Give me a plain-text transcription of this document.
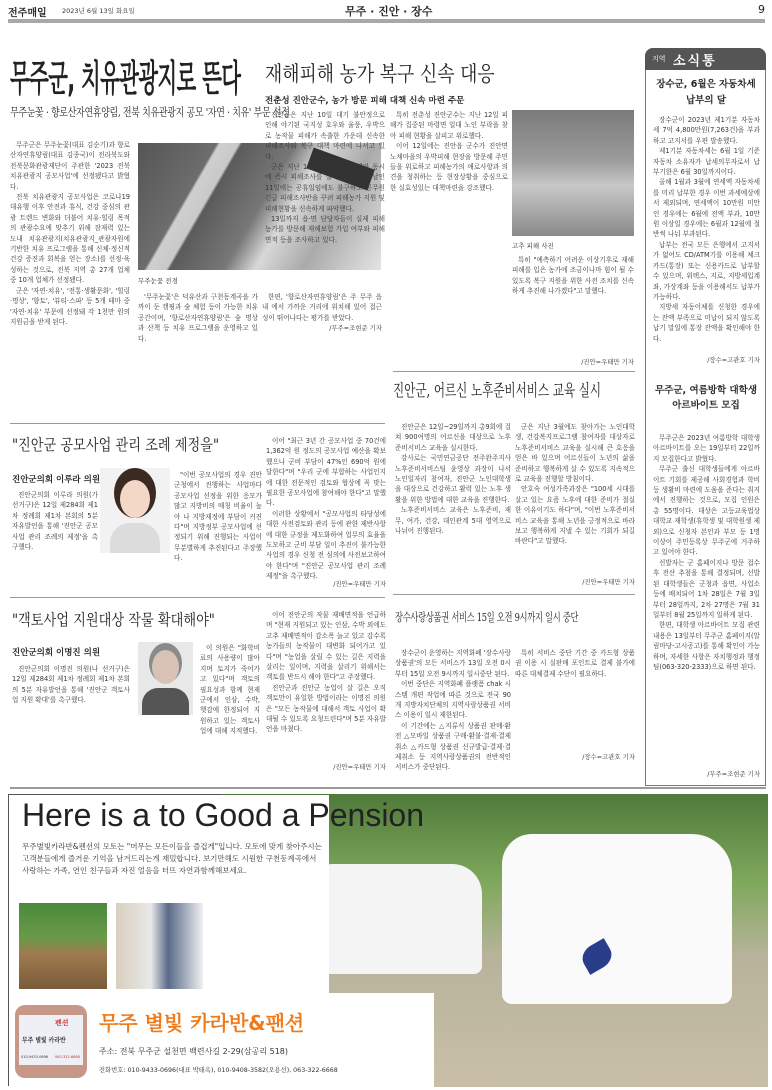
전주매일 2023년 6월 13일 화요일	무주 · 진안 · 장수	9
무주군, 치유관광지로 뜬다
무주눈꽃 · 향로산자연휴양림, 전북 치유관광지 공모 '자연 · 치유' 부문 선정

무주군은 무주눈꽃(대표 김순기)과 향로산자연휴양림(대표 김종국)이 전라북도와 전북문화관광재단이 주관한 '2023 전북 치유관광지 공모사업'에 선정됐다고 밝혔다.

전북 치유관광지 공모사업은 코로나19 대유행 이후 안전과 휴식, 건강 중심의 관광 트렌드 변화와 더불어 치유·힐링 목적의 관광수요에 맞추기 위해 잠재력 있는 도내 치유관광지(치유관광지_관광자원에 기반한 치유 프로그램을 통해 신체·정신적 건강 증진과 회복을 얻는 장소)를 선정·육성하는 것으로, 전북 지역 총 27개 업체 중 10개 업체가 선정됐다.

군은 '자연·치유', '전통·생활문화', '힐링·명상', '향토', '뷰티·스파' 등 5개 테마 중 '자연·치유' 부문에 선정돼 각 1천만 원의 지원금을 받게 된다.

무주눈꽃 전경

'무주눈꽃'은 덕유산과 구천동계곡을 가까이 둔 캠핑과 숲 체험 등이 가능한 치유 공간이며, '향로산자연휴양림'은 숲 명상과 산책 등 치유 프로그램을 운영하고 있다.

한편, '향로산자연휴양림'은 주 무주 읍내 에서 가까운 거리에 위치해 있어 접근성이 뛰어나다는 평가를 받았다.

/무주=조현준 기자
재해피해 농가 복구 신속 대응
전춘성 진안군수, 농가 방문 피해 대책 신속 마련 주문

진안군은 지난 10일 대기 불안정으로 인해 야기된 국지성 호우와 울풍, 우박으로 농작물 피해가 속출한 가운데 신속한 피해조사와 복구 대책 마련에 나서고 있다.

군은 지난 10일 재난피해 발생과 동시에 즉시 피해조사를 실시하고, 다음 날인 11일에는 공휴일임에도 불구하고 공무원 긴급 피해조사반을 꾸려 피해농가 지원 및 피해현황을 신속하게 파악했다.

13일까지 읍·면 담당자들이 실제 피해 농가를 방문해 재해보험 가입 여부와 피해 면적 등을 조사하고 있다.

특히 전춘성 진안군수는 지난 12일 피해가 집중된 마령면 일대 노인 부락을 찾아 피해 현황을 살피고 위로했다.

이어 12일에는 진안읍 군수가 진안면 노채마을의 우박피해 현장을 방문해 주민들을 위로하고 피해농가의 애로사항과 의견을 청취하는 등 현장상황을 중심으로 한 실효성있는 대책마련을 강조했다.

고추 피해 사진

특히 "예측하기 어려운 이상기후로 재해피해를 입은 농가에 조금이나마 힘이 될 수 있도록 복구 지원을 위한 사전 조치를 신속하게 추진해 나가겠다"고 말했다.

/진안=우태만 기자
진안군, 어르신 노후준비서비스 교육 실시

진안군은 12일~29일까지 총9회에 걸쳐 900여명의 어르신을 대상으로 노후준비서비스 교육을 실시한다.

강사로는 국민연금공단 전주완주지사 노후준비서비스팀 윤영상 과장이 나서 노인일자리 참여자, 진안군 노인대학생을 대상으로 건강하고 활력 있는 노후 생활을 위한 방법에 대한 교육을 진행한다.

노후준비서비스 교육은 노후준비, 재무, 여가, 건강, 대인관계 5대 영역으로 나뉘어 진행된다.

군은 지난 3월에도 찾아가는 노인대학생, 건강복지프로그램 참여자를 대상자로 노후준비서비스 교육을 실시해 큰 호응을 얻은 바 있으며 어르신들이 노년의 삶을 준비하고 행복하게 살 수 있도록 지속적으로 교육을 진행할 방침이다.

안호숙 여성가족과장은 "100세 시대를 살고 있는 요즘 노후에 대한 준비가 절실한 이유이기도 하다"며, "이번 노후준비서비스 교육을 통해 노년을 긍정적으로 바라보고 행복하게 지낼 수 있는 기회가 되길 바란다"고 말했다.

/진안=우태만 기자
장수사랑상품권 서비스 15일 오전 9시까지 일시 중단

장수군이 운영하는 지역화폐 '장수사랑상품권'의 모든 서비스가 13일 오전 0시부터 15일 오전 9시까지 일시중단 된다.

이번 중단은 지역화폐 플랫폼 chak 시스템 개편 작업에 따른 것으로 전국 90개 지방자치단체의 지역사랑상품권 서비스 이용이 일시 제한된다.

이 기간에는 △지류식 상품권 판매·환전 △모바일 상품권 구매·환불·결제·결제취소 △카드형 상품권 신규발급·결제·결제취소 등 지역사랑상품권의 전반적인 서비스가 중단된다.

특히 서비스 중단 기간 중 카드형 상품권 이용 시 실판매 포인트로 결제 불가에 따른 대체결제 수단이 필요하다.

/장수=고관호 기자
"진안군 공모사업 관리 조례 제정을"
진안군의회 이루라 의원

진안군의회 이루라 의원(가 선거구)은 12일 제284회 제1차 정례회 제1차 본회의 5분 자유발언을 통해 '진안군 공모사업 관리 조례의 제정'을 촉구했다.

"이번 공모사업의 경우 진안군청에서 진행하는 사업마다 공모사업 선정을 위한 응모가 많고 지방비의 매칭 비율이 높아 나 지방재정에 부담이 커진다"며 지방정부 공모사업에 선정되기 위해 진행되는 사업이 무분별하게 추진된다고 주장했다.

이어 "최근 3년 간 공모사업 중 70건에 1,362억 원 정도의 공모사업 예산을 확보했으나 군비 부담이 47%인 690억 원에 달한다"며 "우리 군에 부합하는 사업인지에 대한 전문적인 검토와 협상에 꼭 맞는 필요한 공모사업에 참여해야 한다"고 말했다.

이러한 상황에서 "공모사업의 타당성에 대한 사전검토와 관리 등에 관한 제반사항에 대한 규정을 제도화하여 업무의 효율을 도모하고 군비 부담 일이 추진이 불가능한 사업의 경우 신청 전 심의에 사전보고하여야 한다"며 "진안군 공모사업 관리 조례 제정"을 촉구했다.

/진안=우태만 기자
"객토사업 지원대상 작물 확대해야"
진안군의회 이명진 의원

진안군의회 이명진 의원(나 선거구)은 12일 제284회 제1차 정례회 제1차 본회의 5분 자유발언을 통해 '진안군 객토사업 지원 확대'를 촉구했다.

이 의원은 "화학비료의 사용량이 많아지며 토지가 죽어가고 있다"며 객토의 필요성과 함께 현재 군에서 인삼, 수박, 햇감에 한정되어 지원하고 있는 객토사업에 대해 지적했다.

이어 진안군의 작물 재배면적을 언급하며 "현재 지원되고 있는 인삼, 수박 외에도 고추 재배면적이 감소폭 늘고 있고 감수록 농가들의 농작물이 대변화 되어가고 있다"며 "농업을 살릴 수 있는 길은 지력을 살리는 일이며, 지력을 살리기 위해서는 객토를 반드시 해야 한다"고 주장했다.

진안군과 진안군 농업이 살 길은 오직 객토만이 유일한 방법이라는 이명진 의원은 "모든 농작물에 대해서 객토 사업이 확대될 수 있도록 요청드린다"며 5분 자유발언을 마쳤다.

/진안=우태만 기자
지역 소식통
장수군, 6월은 자동차세 납부의 달

장수군이 2023년 제1기분 자동차세 7억 4,800만원(7,263건)을 부과하고 고지서를 우편 발송했다.

제1기분 자동차세는 6월 1일 기준 자동차 소유자가 납세의무자로서 납부기한은 6월 30일까지이다.

올해 1월과 3월에 연세액 자동차세를 미리 납부한 경우 이번 과세예상에서 제외되며, 연세액이 10만원 미만인 경우에는 6월에 전액 부과, 10만원 이상일 경우에는 6월과 12월에 절반씩 나눠 부과된다.

납부는 전국 모든 은행에서 고지서가 없어도 CD/ATM기를 이용해 체크카드(통장) 또는 신용카드로 납부할 수 있으며, 위택스, 지로, 지방세입계좌, 가상계좌 등을 이용해서도 납부가 가능하다.

지방세 자동이체를 신청한 경우에는 잔액 부족으로 미납이 되지 않도록 납기 말일에 통장 잔액을 확인해야 한다.

/장수=고관호 기자
무주군, 여름방학 대학생 아르바이트 모집

무주군은 2023년 여름방학 대학생 아르바이트를 오는 19일부터 22일까지 모집한다고 밝혔다.

무주군 출신 대학생들에게 아르바이트 기회를 제공해 사회경험과 학비 등 생활비 마련에 도움을 준다는 취지에서 진행하는 것으로, 모집 인원은 총 55명이다. 대상은 고등교육법상 대학교 재학생(휴학생 및 대학원생 제외)으로 신청자 본인과 부모 등 1명 이상이 주민등록상 무주군에 거주하고 있어야 한다.

선발자는 군 홈페이지나 방문 접수 후 전산 추첨을 통해 결정되며, 선발된 대학생들은 군청과 읍면, 사업소 등에 배치되어 1차 28일은 7월 3일부터 28일까지, 2차 27명은 7월 31일부터 8월 25일까지 일하게 된다.

한편, 대학생 아르바이트 모집 관련 내용은 13일부터 무주군 홈페이지(알림마당-고시공고)를 통해 확인이 가능하며, 자세한 사항은 자치행정과 행정팀(063-320-2333)으로 하면 된다.

/무주=조현준 기자
Here is a to Good a Pension
무주별빛카라반&펜션의 모토는 "머무는 모든이들을 즐겁게"입니다. 모토에 맞게 찾아주시는 고객분들에게 즐거운 기억을 남겨드리는게 재밌합니다. 보기만해도 시원한 구천동계곡에서 사랑하는 가족, 연인 친구들과 자진 얼음을 터뜨 자연과함께해보세요.
펜션
무주 별빛 카라반
010-9433-0696 063-322-6668
무주 별빛 카라반&팬션
주소: 전북 무주군 설천면 백련사길 2-29(삼공리 518)
전화번호: 010-9433-0696(대표 박태옥), 010-9408-3582(오용선), 063-322-6668
